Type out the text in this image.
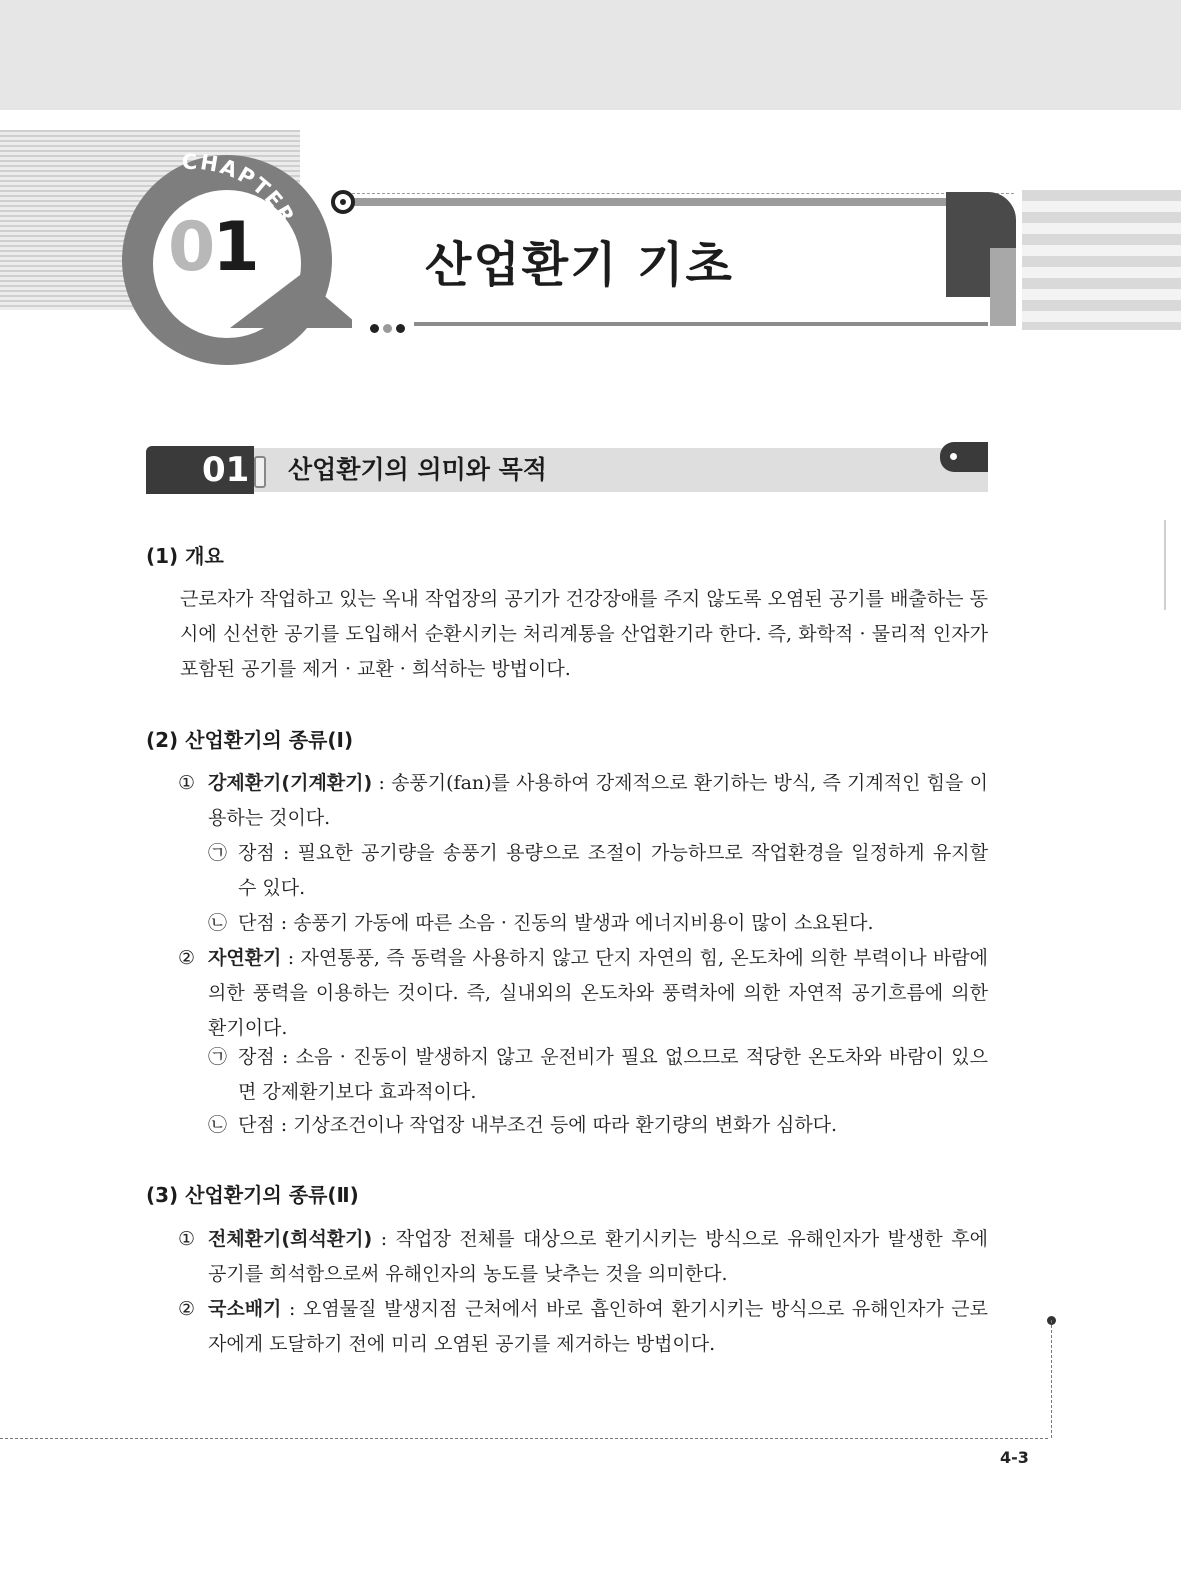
CHAPTER
01	산업환기 기초
01 산업환기의 의미와 목적
(1) 개요

근로자가 작업하고 있는 옥내 작업장의 공기가 건강장애를 주지 않도록 오염된 공기를 배출하는 동시에 신선한 공기를 도입해서 순환시키는 처리계통을 산업환기라 한다. 즉, 화학적 · 물리적 인자가 포함된 공기를 제거 · 교환 · 희석하는 방법이다.

(2) 산업환기의 종류(Ⅰ)
① 강제환기(기계환기) : 송풍기(fan)를 사용하여 강제적으로 환기하는 방식, 즉 기계적인 힘을 이용하는 것이다.
㉠ 장점 : 필요한 공기량을 송풍기 용량으로 조절이 가능하므로 작업환경을 일정하게 유지할 수 있다.
㉡ 단점 : 송풍기 가동에 따른 소음 · 진동의 발생과 에너지비용이 많이 소요된다.
② 자연환기 : 자연통풍, 즉 동력을 사용하지 않고 단지 자연의 힘, 온도차에 의한 부력이나 바람에 의한 풍력을 이용하는 것이다. 즉, 실내외의 온도차와 풍력차에 의한 자연적 공기흐름에 의한 환기이다.
㉠ 장점 : 소음 · 진동이 발생하지 않고 운전비가 필요 없으므로 적당한 온도차와 바람이 있으면 강제환기보다 효과적이다.
㉡ 단점 : 기상조건이나 작업장 내부조건 등에 따라 환기량의 변화가 심하다.
(3) 산업환기의 종류(Ⅱ)
① 전체환기(희석환기) : 작업장 전체를 대상으로 환기시키는 방식으로 유해인자가 발생한 후에 공기를 희석함으로써 유해인자의 농도를 낮추는 것을 의미한다.
② 국소배기 : 오염물질 발생지점 근처에서 바로 흡인하여 환기시키는 방식으로 유해인자가 근로자에게 도달하기 전에 미리 오염된 공기를 제거하는 방법이다.

4-3
